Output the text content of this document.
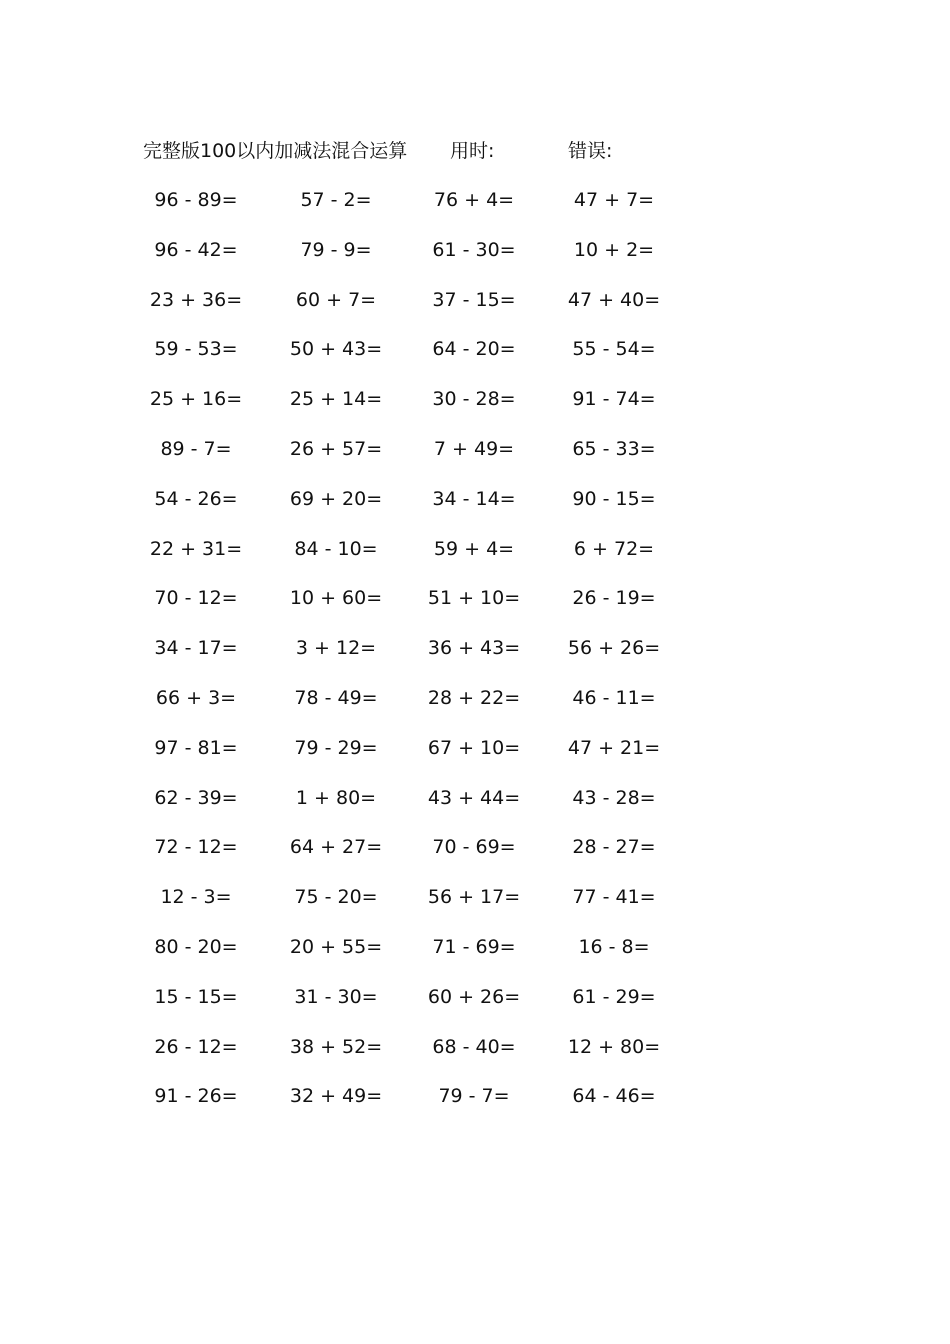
完整版100以内加减法混合运算 用时:	错误:
96 - 89=	57 - 2=	76 + 4=	47 + 7=
96 - 42=	79 - 9=	61 - 30=	10 + 2=
23 + 36=	60 + 7=	37 - 15=	47 + 40=
59 - 53=	50 + 43=	64 - 20=	55 - 54=
25 + 16=	25 + 14=	30 - 28=	91 - 74=
89 - 7=	26 + 57=	7 + 49=	65 - 33=
54 - 26=	69 + 20=	34 - 14=	90 - 15=
22 + 31=	84 - 10=	59 + 4=	6 + 72=
70 - 12=	10 + 60=	51 + 10=	26 - 19=
34 - 17=	3 + 12=	36 + 43=	56 + 26=
66 + 3=	78 - 49=	28 + 22=	46 - 11=
97 - 81=	79 - 29=	67 + 10=	47 + 21=
62 - 39=	1 + 80=	43 + 44=	43 - 28=
72 - 12=	64 + 27=	70 - 69=	28 - 27=
12 - 3=	75 - 20=	56 + 17=	77 - 41=
80 - 20=	20 + 55=	71 - 69=	16 - 8=
15 - 15=	31 - 30=	60 + 26=	61 - 29=
26 - 12=	38 + 52=	68 - 40=	12 + 80=
91 - 26=	32 + 49=	79 - 7=	64 - 46=
